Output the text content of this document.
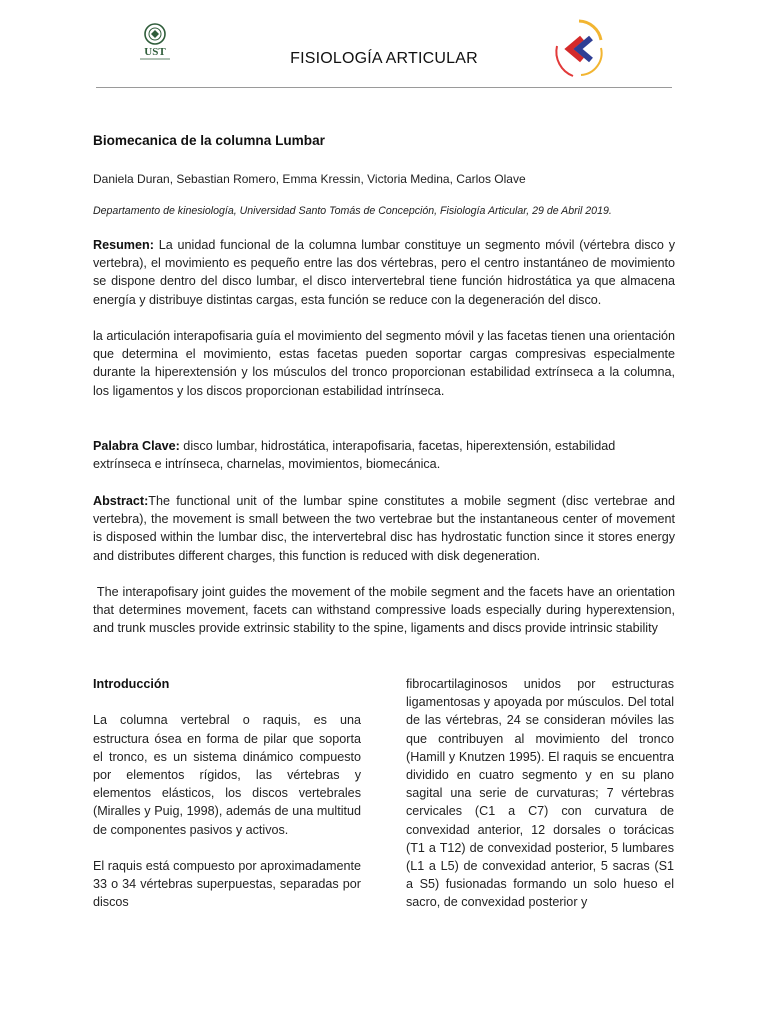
UST	FISIOLOGÍA ARTICULAR
Biomecanica de la columna Lumbar
Daniela Duran, Sebastian Romero, Emma Kressin, Victoria Medina, Carlos Olave
Departamento de kinesiología, Universidad Santo Tomás de Concepción, Fisiología Articular, 29 de Abril 2019.

Resumen: La unidad funcional de la columna lumbar constituye un segmento móvil (vértebra disco y vertebra), el movimiento es pequeño entre las dos vértebras, pero el centro instantáneo de movimiento se dispone dentro del disco lumbar, el disco intervertebral tiene función hidrostática ya que almacena energía y distribuye distintas cargas, esta función se reduce con la degeneración del disco.

la articulación interapofisaria guía el movimiento del segmento móvil y las facetas tienen una orientación que determina el movimiento, estas facetas pueden soportar cargas compresivas especialmente durante la hiperextensión y los músculos del tronco proporcionan estabilidad extrínseca a la columna, los ligamentos y los discos proporcionan estabilidad intrínseca.

Palabra Clave: disco lumbar, hidrostática, interapofisaria, facetas, hiperextensión, estabilidad extrínseca e intrínseca, charnelas, movimientos, biomecánica.

Abstract:The functional unit of the lumbar spine constitutes a mobile segment (disc vertebrae and vertebra), the movement is small between the two vertebrae but the instantaneous center of movement is disposed within the lumbar disc, the intervertebral disc has hydrostatic function since it stores energy and distributes different charges, this function is reduced with disk degeneration.

The interapofisary joint guides the movement of the mobile segment and the facets have an orientation that determines movement, facets can withstand compressive loads especially during hyperextension, and trunk muscles provide extrinsic stability to the spine, ligaments and discs provide intrinsic stability

Introducción

La columna vertebral o raquis, es una estructura ósea en forma de pilar que soporta el tronco, es un sistema dinámico compuesto por elementos rígidos, las vértebras y elementos elásticos, los discos vertebrales (Miralles y Puig, 1998), además de una multitud de componentes pasivos y activos.

El raquis está compuesto por aproximadamente 33 o 34 vértebras superpuestas, separadas por discos

fibrocartilaginosos unidos por estructuras ligamentosas y apoyada por músculos. Del total de las vértebras, 24 se consideran móviles las que contribuyen al movimiento del tronco (Hamill y Knutzen 1995). El raquis se encuentra dividido en cuatro segmento y en su plano sagital una serie de curvaturas; 7 vértebras cervicales (C1 a C7) con curvatura de convexidad anterior, 12 dorsales o torácicas (T1 a T12) de convexidad posterior, 5 lumbares (L1 a L5) de convexidad anterior, 5 sacras (S1 a S5) fusionadas formando un solo hueso el sacro, de convexidad posterior y
